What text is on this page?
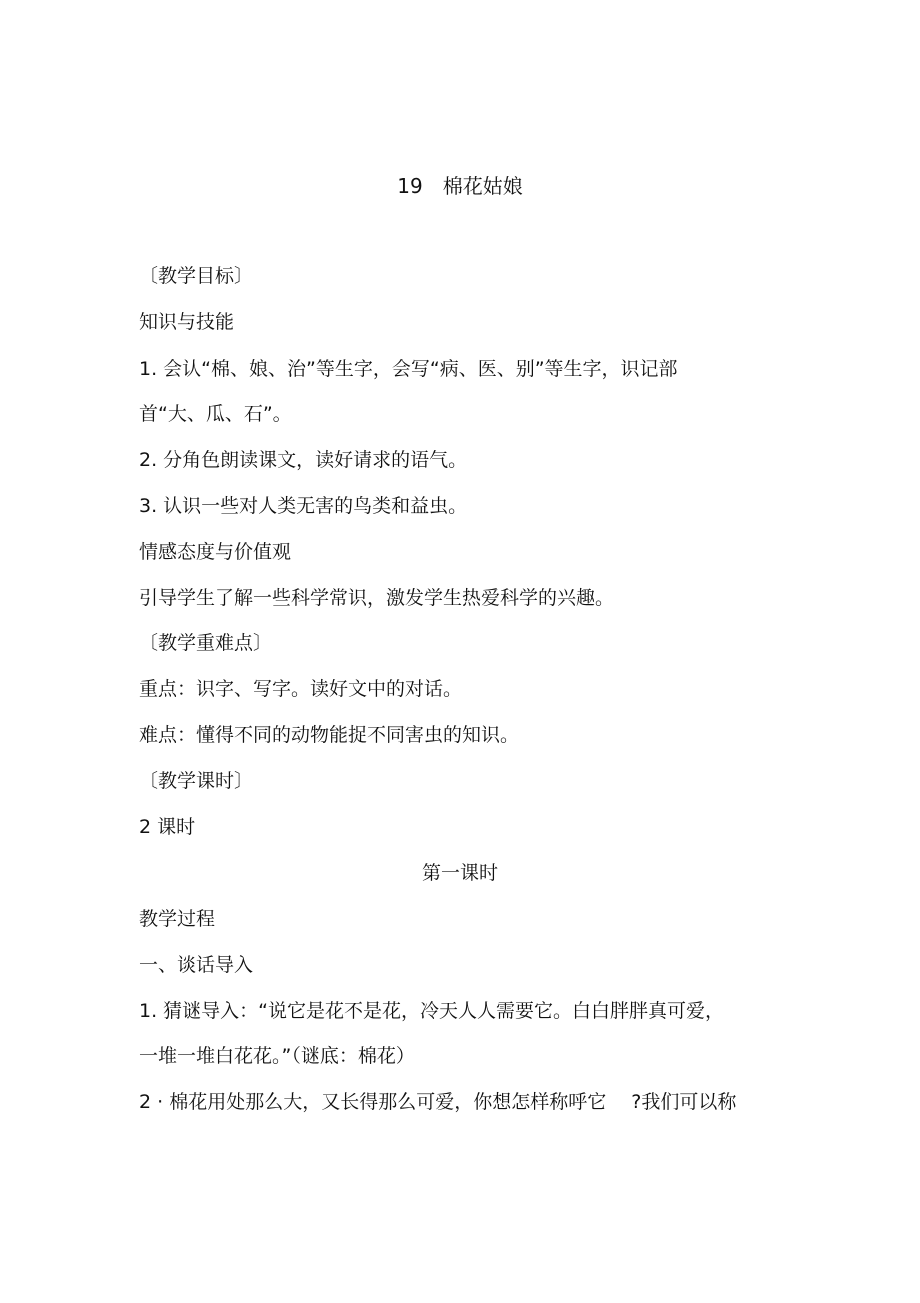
19　棉花姑娘
〔教学目标〕
知识与技能
1. 会认“棉、娘、治”等生字，会写“病、医、别”等生字，识记部
首“大、瓜、石”。
2. 分角色朗读课文，读好请求的语气。
3. 认识一些对人类无害的鸟类和益虫。
情感态度与价值观
引导学生了解一些科学常识，激发学生热爱科学的兴趣。
〔教学重难点〕
重点：识字、写字。读好文中的对话。
难点：懂得不同的动物能捉不同害虫的知识。
〔教学课时〕
2 课时
第一课时
教学过程
一、谈话导入
1. 猜谜导入：“说它是花不是花，冷天人人需要它。白白胖胖真可爱，
一堆一堆白花花。”（谜底：棉花）
2 · 棉花用处那么大，又长得那么可爱，你想怎样称呼它　 ?我们可以称
